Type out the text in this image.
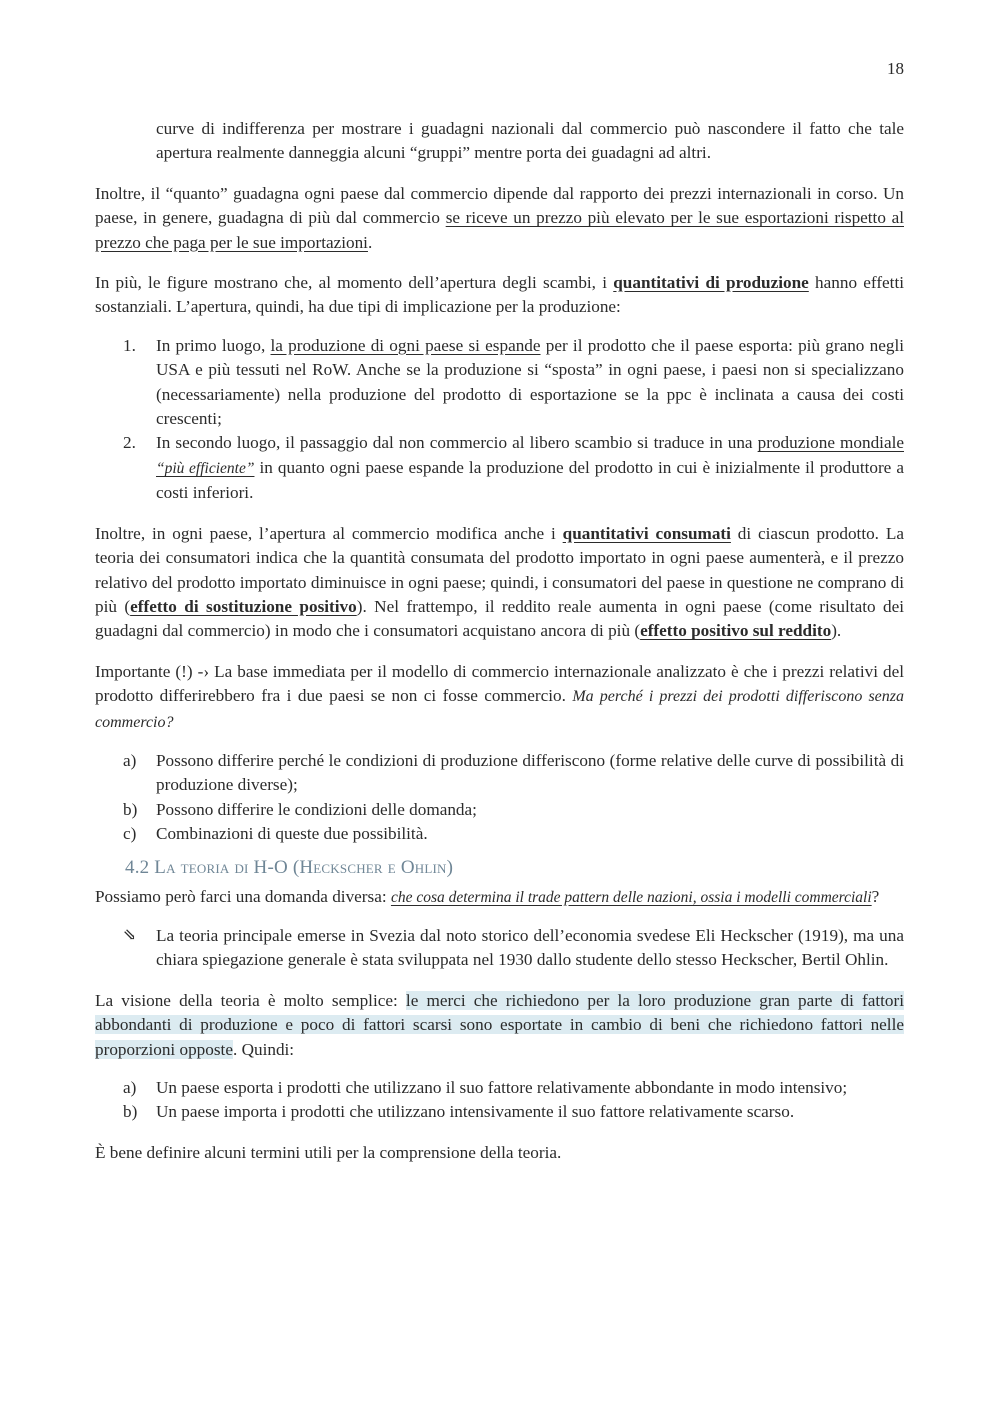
18

curve di indifferenza per mostrare i guadagni nazionali dal commercio può nascondere il fatto che tale apertura realmente danneggia alcuni “gruppi” mentre porta dei guadagni ad altri.

Inoltre, il “quanto” guadagna ogni paese dal commercio dipende dal rapporto dei prezzi internazionali in corso. Un paese, in genere, guadagna di più dal commercio se riceve un prezzo più elevato per le sue esportazioni rispetto al prezzo che paga per le sue importazioni.

In più, le figure mostrano che, al momento dell’apertura degli scambi, i quantitativi di produzione hanno effetti sostanziali. L’apertura, quindi, ha due tipi di implicazione per la produzione:

1. In primo luogo, la produzione di ogni paese si espande per il prodotto che il paese esporta: più grano negli USA e più tessuti nel RoW. Anche se la produzione si “sposta” in ogni paese, i paesi non si specializzano (necessariamente) nella produzione del prodotto di esportazione se la ppc è inclinata a causa dei costi crescenti;
2. In secondo luogo, il passaggio dal non commercio al libero scambio si traduce in una produzione mondiale “più efficiente” in quanto ogni paese espande la produzione del prodotto in cui è inizialmente il produttore a costi inferiori.

Inoltre, in ogni paese, l’apertura al commercio modifica anche i quantitativi consumati di ciascun prodotto. La teoria dei consumatori indica che la quantità consumata del prodotto importato in ogni paese aumenterà, e il prezzo relativo del prodotto importato diminuisce in ogni paese; quindi, i consumatori del paese in questione ne comprano di più (effetto di sostituzione positivo). Nel frattempo, il reddito reale aumenta in ogni paese (come risultato dei guadagni dal commercio) in modo che i consumatori acquistano ancora di più (effetto positivo sul reddito).

Importante (!) -› La base immediata per il modello di commercio internazionale analizzato è che i prezzi relativi del prodotto differirebbero fra i due paesi se non ci fosse commercio. Ma perché i prezzi dei prodotti differiscono senza commercio?

a) Possono differire perché le condizioni di produzione differiscono (forme relative delle curve di possibilità di produzione diverse);
b) Possono differire le condizioni delle domanda;
c) Combinazioni di queste due possibilità.
4.2 La teoria di H-O (Heckscher e Ohlin)

Possiamo però farci una domanda diversa: che cosa determina il trade pattern delle nazioni, ossia i modelli commerciali?

⇘ La teoria principale emerse in Svezia dal noto storico dell’economia svedese Eli Heckscher (1919), ma una chiara spiegazione generale è stata sviluppata nel 1930 dallo studente dello stesso Heckscher, Bertil Ohlin.

La visione della teoria è molto semplice: le merci che richiedono per la loro produzione gran parte di fattori abbondanti di produzione e poco di fattori scarsi sono esportate in cambio di beni che richiedono fattori nelle proporzioni opposte. Quindi:

a) Un paese esporta i prodotti che utilizzano il suo fattore relativamente abbondante in modo intensivo;
b) Un paese importa i prodotti che utilizzano intensivamente il suo fattore relativamente scarso.

È bene definire alcuni termini utili per la comprensione della teoria.
